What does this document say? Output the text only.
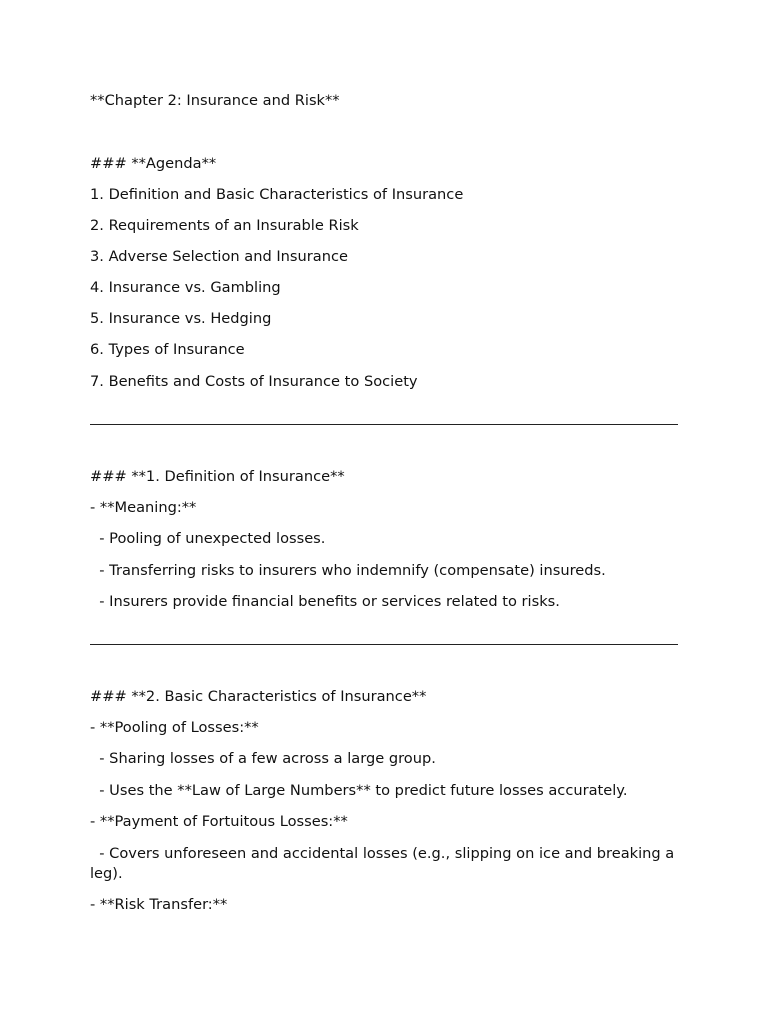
**Chapter 2: Insurance and Risk**

### **Agenda**

1. Definition and Basic Characteristics of Insurance

2. Requirements of an Insurable Risk

3. Adverse Selection and Insurance

4. Insurance vs. Gambling

5. Insurance vs. Hedging

6. Types of Insurance

7. Benefits and Costs of Insurance to Society

### **1. Definition of Insurance**

- **Meaning:**

- Pooling of unexpected losses.

- Transferring risks to insurers who indemnify (compensate) insureds.

- Insurers provide financial benefits or services related to risks.

### **2. Basic Characteristics of Insurance**

- **Pooling of Losses:**

- Sharing losses of a few across a large group.

- Uses the **Law of Large Numbers** to predict future losses accurately.

- **Payment of Fortuitous Losses:**

- Covers unforeseen and accidental losses (e.g., slipping on ice and breaking a leg).

- **Risk Transfer:**
